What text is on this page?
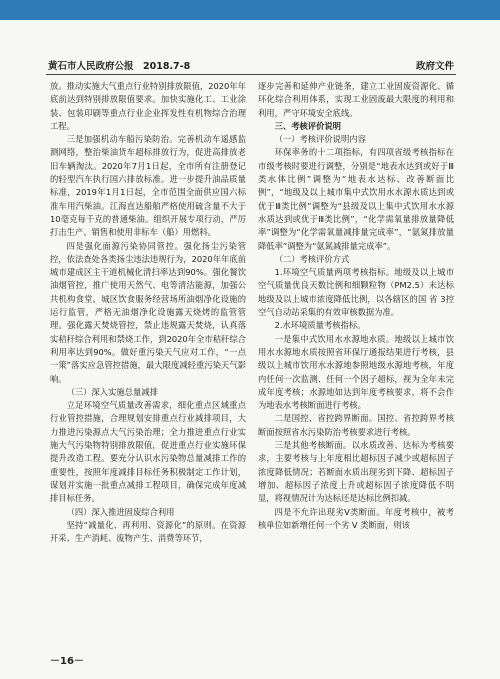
黄石市人民政府公报　2018.7-8	政府文件

放。推动实施大气重点行业特别排放限值，2020年年底前达到特别排放限值要求。加快实施化工、工业涂装、包装印刷等重点行业企业挥发性有机物综合治理工程。

三是加强机动车船污染防治。完善机动车遥感监测网络，整治柴油货车超标排放行为，促进高排放老旧车辆淘汰。2020年7月1日起，全市所有注册登记的轻型汽车执行国六排放标准。进一步提升油品质量标准，2019年1月1日起，全市范围全面供应国六标准车用汽柴油。江海直达船舶严格使用硫含量不大于10毫克每千克的普通柴油。组织开展专项行动，严厉打击生产、销售和使用非标车（船）用燃料。

四是强化面源污染协同管控。强化扬尘污染管控，依法查处各类扬尘违法违规行为，2020年年底前城市建成区主干道机械化清扫率达到90%。强化餐饮油烟管控，推广使用天然气、电等清洁能源，加强公共机构食堂、城区饮食服务经营场所油烟净化设施的运行监管，严格无油烟净化设施露天烧烤的监管管理。强化露天焚烧管控，禁止违规露天焚烧，认真落实秸秆综合利用和禁烧工作，到2020年全市秸秆综合利用率达到90%。做好重污染天气应对工作，“一点一策”落实应急管控措施，最大限度减轻重污染天气影响。

（三）深入实施总量减排

立足环境空气质量改善需求，细化重点区域重点行业管控措施，合理规划安排重点行业减排项目，大力推进污染源点大气污染治理；全力推进重点行业实施大气污染物特别排放限值，促进重点行业实施环保提升改造工程。要充分认识水污染物总量减排工作的重要性，按照年度减排目标任务积极制定工作计划，谋划并实施一批重点减排工程项目，确保完成年度减排目标任务。

（四）深入推进固废综合利用

坚持“减量化、再利用、资源化”的原则。在资源开采、生产消耗、废物产生、消费等环节，

逐步完善和延伸产业链条，建立工业固废资源化、循环化综合利用体系，实现工业固废最大限度的利用和利用，严守环境安全底线。

三、考核评价说明

（一）考核评价说明内容

环保率务的十二项指标，有四项省级考核指标在市级考核时要进行调整，分别是“地表水达到或好于Ⅲ类水体比例”调整为“地表水达标、改善断面比例”，“地级及以上城市集中式饮用水水源水质达到或优于Ⅲ类比例”调整为“县级及以上集中式饮用水水源水质达到或优于Ⅲ类比例”，“化学需氧量排放量降低率”调整为“化学需氧量减排量完成率”，“氨氮排放量降低率”调整为“氨氮减排量完成率”。

（二）考核评价方式

1.环境空气质量两项考核指标。地级及以上城市空气质量优良天数比例和细颗粒物（PM2.5）未达标地级及以上城市浓度降低比例，以各辖区的国 省 3控空气自动站采集的有效审核数据为准。

2.水环境质量考核指标。

一是集中式饮用水水源地水质。地级以上城市饮用水水源地水质按照省环保厅通报结果进行考核，县级以上城市饮用水水源地参照地级水源地考核，年度内任何一次监测、任何一个因子超标，视为全年未完成年度考核；水源地如达到年度考核要求，将不会作为地表水考核断面进行考核。

二是国控、省控跨界断面。国控、省控跨界考核断面按照省水污染防治考核要求进行考核。

三是其他考核断面。以水质改善、达标为考核要求，主要考核与上年度相比超标因子减少或超标因子浓度降低情况；若断面水质出现劣到下降、超标因子增加、超标因子浓度上升或超标因子浓度降低不明显，将视情况计为达标还是达标比例扣减。

四是不允许出现劣Ⅴ类断面。年度考核中，被考核单位如新增任何一个劣 Ⅴ 类断面，则该

－16－
